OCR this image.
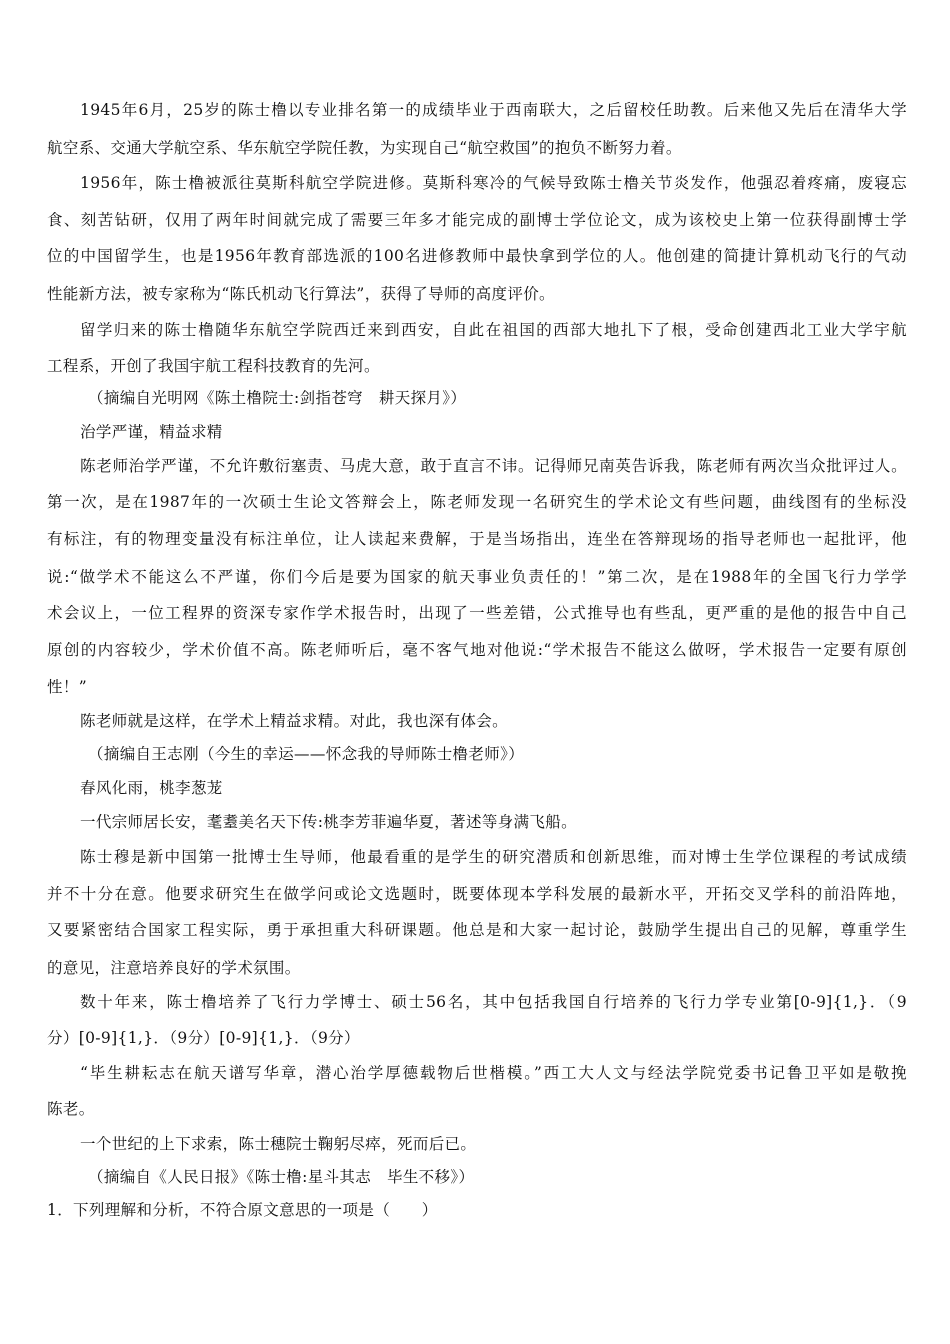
1945年6月，25岁的陈士橹以专业排名第一的成绩毕业于西南联大，之后留校任助教。后来他又先后在清华大学
航空系、交通大学航空系、华东航空学院任教，为实现自己“航空救国”的抱负不断努力着。
1956年，陈士橹被派往莫斯科航空学院进修。莫斯科寒冷的气候导致陈士橹关节炎发作，他强忍着疼痛，废寝忘
食、刻苦钻研，仅用了两年时间就完成了需要三年多才能完成的副博士学位论文，成为该校史上第一位获得副博士学
位的中国留学生，也是1956年教育部选派的100名进修教师中最快拿到学位的人。他创建的简捷计算机动飞行的气动
性能新方法，被专家称为“陈氏机动飞行算法”，获得了导师的高度评价。
留学归来的陈士橹随华东航空学院西迁来到西安，自此在祖国的西部大地扎下了根，受命创建西北工业大学宇航
工程系，开创了我国宇航工程科技教育的先河。
（摘编自光明网《陈土橹院士:剑指苍穹　耕天探月》）
治学严谨，精益求精
陈老师治学严谨，不允许敷衍塞责、马虎大意，敢于直言不讳。记得师兄南英告诉我，陈老师有两次当众批评过人。
第一次，是在1987年的一次硕士生论文答辩会上，陈老师发现一名研究生的学术论文有些问题，曲线图有的坐标没
有标注，有的物理变量没有标注单位，让人读起来费解，于是当场指出，连坐在答辩现场的指导老师也一起批评，他
说:“做学术不能这么不严谨，你们今后是要为国家的航天事业负责任的！”第二次，是在1988年的全国飞行力学学
术会议上，一位工程界的资深专家作学术报告时，出现了一些差错，公式推导也有些乱，更严重的是他的报告中自己
原创的内容较少，学术价值不高。陈老师听后，毫不客气地对他说:“学术报告不能这么做呀，学术报告一定要有原创
性！”
陈老师就是这样，在学术上精益求精。对此，我也深有体会。
（摘编自王志刚（今生的幸运——怀念我的导师陈士橹老师》）
春风化雨，桃李葱茏
一代宗师居长安，耄耋美名天下传:桃李芳菲遍华夏，著述等身满飞船。
陈士穆是新中国第一批博士生导师，他最看重的是学生的研究潜质和创新思维，而对博士生学位课程的考试成绩
并不十分在意。他要求研究生在做学问或论文选题时，既要体现本学科发展的最新水平，开拓交叉学科的前沿阵地，
又要紧密结合国家工程实际，勇于承担重大科研课题。他总是和大家一起讨论，鼓励学生提出自己的见解，尊重学生
的意见，注意培养良好的学术氛围。
数十年来，陈士橹培养了飞行力学博士、硕士56名，其中包括我国自行培养的飞行力学专业第[0-9]{1,}．（9
分）[0-9]{1,}．（9分）[0-9]{1,}．（9分）
“毕生耕耘志在航天谱写华章，潜心治学厚德载物后世楷模。”西工大人文与经法学院党委书记鲁卫平如是敬挽
陈老。
一个世纪的上下求索，陈士穗院士鞠躬尽瘁，死而后已。
（摘编自《人民日报》《陈士橹:星斗其志　毕生不移》）
1．下列理解和分析，不符合原文意思的一项是（　　）
